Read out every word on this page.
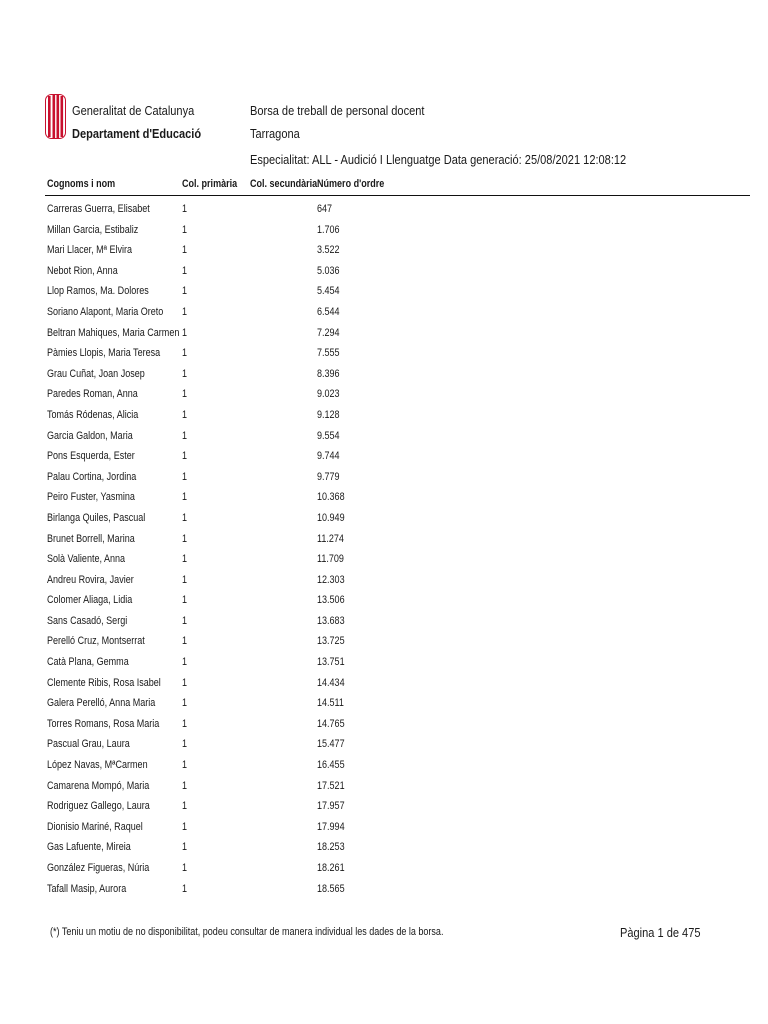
Generalitat de Catalunya
Departament d'Educació
Borsa de treball de personal docent
Tarragona
Especialitat: ALL - Audició I Llenguatge Data generació: 25/08/2021 12:08:12
Cognoms i nom	Col. primària Col. secundària Número d'ordre
Carreras Guerra, Elisabet	1	647
Millan Garcia, Estibaliz	1	1.706
Mari Llacer, Mª Elvira	1	3.522
Nebot Rion, Anna	1	5.036
Llop Ramos, Ma. Dolores	1	5.454
Soriano Alapont, Maria Oreto 1	6.544
Beltran Mahiques, Maria Carmen 1	7.294
Pàmies Llopis, Maria Teresa 1	7.555
Grau Cuñat, Joan Josep	1	8.396
Paredes Roman, Anna	1	9.023
Tomás Ródenas, Alicia	1	9.128
Garcia Galdon, Maria	1	9.554
Pons Esquerda, Ester	1	9.744
Palau Cortina, Jordina	1	9.779
Peiro Fuster, Yasmina	1	10.368
Birlanga Quiles, Pascual	1	10.949
Brunet Borrell, Marina	1	11.274
Solà Valiente, Anna	1	11.709
Andreu Rovira, Javier	1	12.303
Colomer Aliaga, Lidia	1	13.506
Sans Casadó, Sergi	1	13.683
Perelló Cruz, Montserrat	1	13.725
Catà Plana, Gemma	1	13.751
Clemente Ribis, Rosa Isabel 1	14.434
Galera Perelló, Anna Maria 1	14.511
Torres Romans, Rosa Maria 1	14.765
Pascual Grau, Laura	1	15.477
López Navas, MªCarmen	1	16.455
Camarena Mompó, Maria	1	17.521
Rodriguez Gallego, Laura	1	17.957
Dionisio Mariné, Raquel	1	17.994
Gas Lafuente, Mireia	1	18.253
González Figueras, Núria	1	18.261
Tafall Masip, Aurora	1	18.565
(*) Teniu un motiu de no disponibilitat, podeu consultar de manera individual les dades de la borsa.	Pàgina 1 de 475
